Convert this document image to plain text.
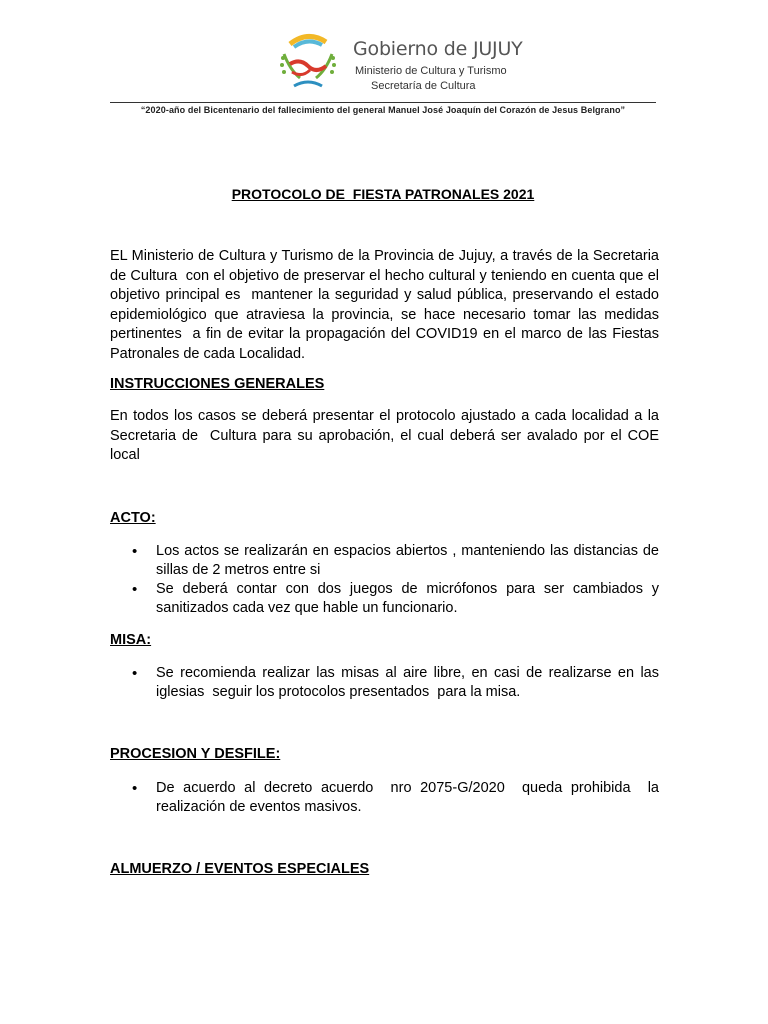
Gobierno de JUJUY
Ministerio de Cultura y Turismo
Secretaría de Cultura
“2020-año del Bicentenario del fallecimiento del general Manuel José Joaquín del Corazón de Jesus Belgrano”
PROTOCOLO DE  FIESTA PATRONALES 2021
EL Ministerio de Cultura y Turismo de la Provincia de Jujuy, a través de la Secretaria de Cultura  con el objetivo de preservar el hecho cultural y teniendo en cuenta que el objetivo principal es  mantener la seguridad y salud pública, preservando el estado epidemiológico que atraviesa la provincia, se hace necesario tomar las medidas pertinentes  a fin de evitar la propagación del COVID19 en el marco de las Fiestas Patronales de cada Localidad.
INSTRUCCIONES GENERALES
En todos los casos se deberá presentar el protocolo ajustado a cada localidad a la Secretaria de  Cultura para su aprobación, el cual deberá ser avalado por el COE local
ACTO:
• Los actos se realizarán en espacios abiertos , manteniendo las distancias de sillas de 2 metros entre si
• Se deberá contar con dos juegos de micrófonos para ser cambiados y sanitizados cada vez que hable un funcionario.
MISA:
• Se recomienda realizar las misas al aire libre, en casi de realizarse en las iglesias  seguir los protocolos presentados  para la misa.
PROCESION Y DESFILE:
• De acuerdo al decreto acuerdo  nro 2075-G/2020  queda prohibida  la realización de eventos masivos.
ALMUERZO / EVENTOS ESPECIALES
